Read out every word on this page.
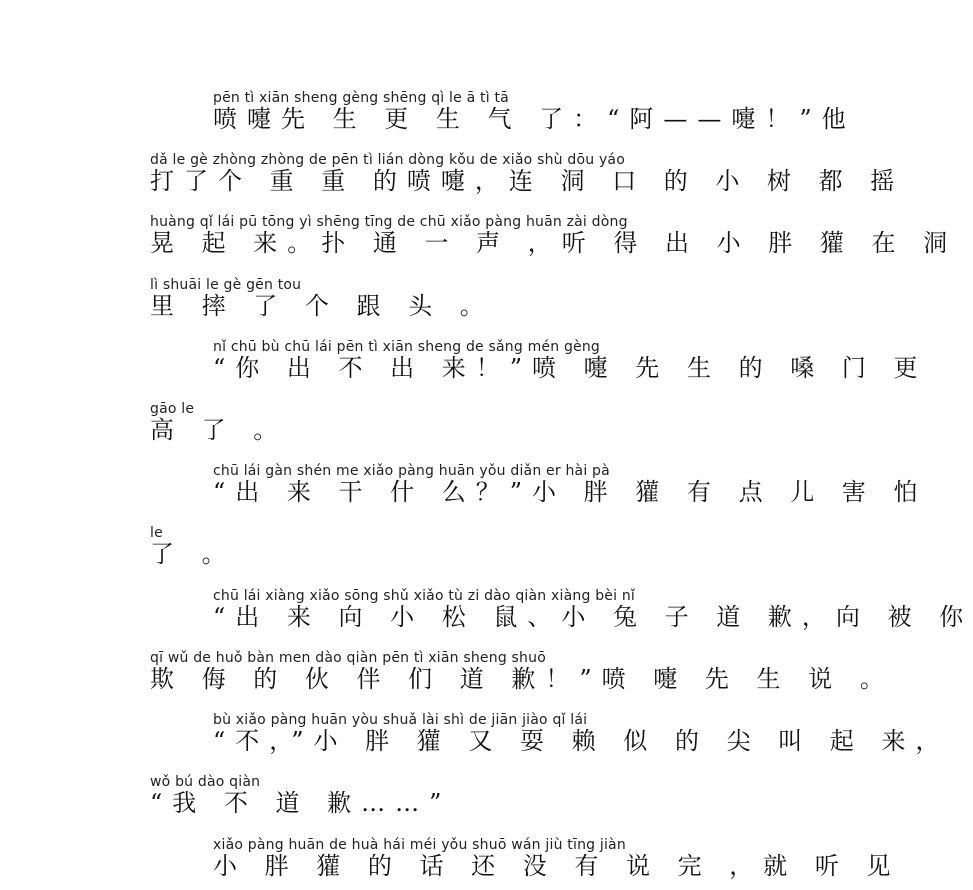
pēn tì xiān sheng gèng shēng qì le ā tì tā
喷嚏先 生 更 生 气 了：“阿——嚏！”他
dǎ le gè zhòng zhòng de pēn tì lián dòng kǒu de xiǎo shù dōu yáo
打了个 重 重 的喷嚏，连 洞 口 的 小 树 都 摇
huàng qǐ lái pū tōng yì shēng tīng de chū xiǎo pàng huān zài dòng
晃 起 来。扑 通 一 声 ，听 得 出 小 胖 獾 在 洞
lì shuāi le gè gēn tou
里 摔 了 个 跟 头 。
nǐ chū bù chū lái pēn tì xiān sheng de sǎng mén gèng
“你 出 不 出 来！”喷 嚏 先 生 的 嗓 门 更
gāo le
高 了 。
chū lái gàn shén me xiǎo pàng huān yǒu diǎn er hài pà
“出 来 干 什 么？”小 胖 獾 有 点 儿 害 怕
le
了 。
chū lái xiàng xiǎo sōng shǔ xiǎo tù zi dào qiàn xiàng bèi nǐ
“出 来 向 小 松 鼠、小 兔 子 道 歉，向 被 你
qī wǔ de huǒ bàn men dào qiàn pēn tì xiān sheng shuō
欺 侮 的 伙 伴 们 道 歉！”喷 嚏 先 生 说 。
bù xiǎo pàng huān yòu shuǎ lài shì de jiān jiào qǐ lái
“不，”小 胖 獾 又 耍 赖 似 的 尖 叫 起 来，
wǒ bú dào qiàn
“我 不 道 歉……”
xiǎo pàng huān de huà hái méi yǒu shuō wán jiù tīng jiàn
小 胖 獾 的 话 还 没 有 说 完 ，就 听 见
